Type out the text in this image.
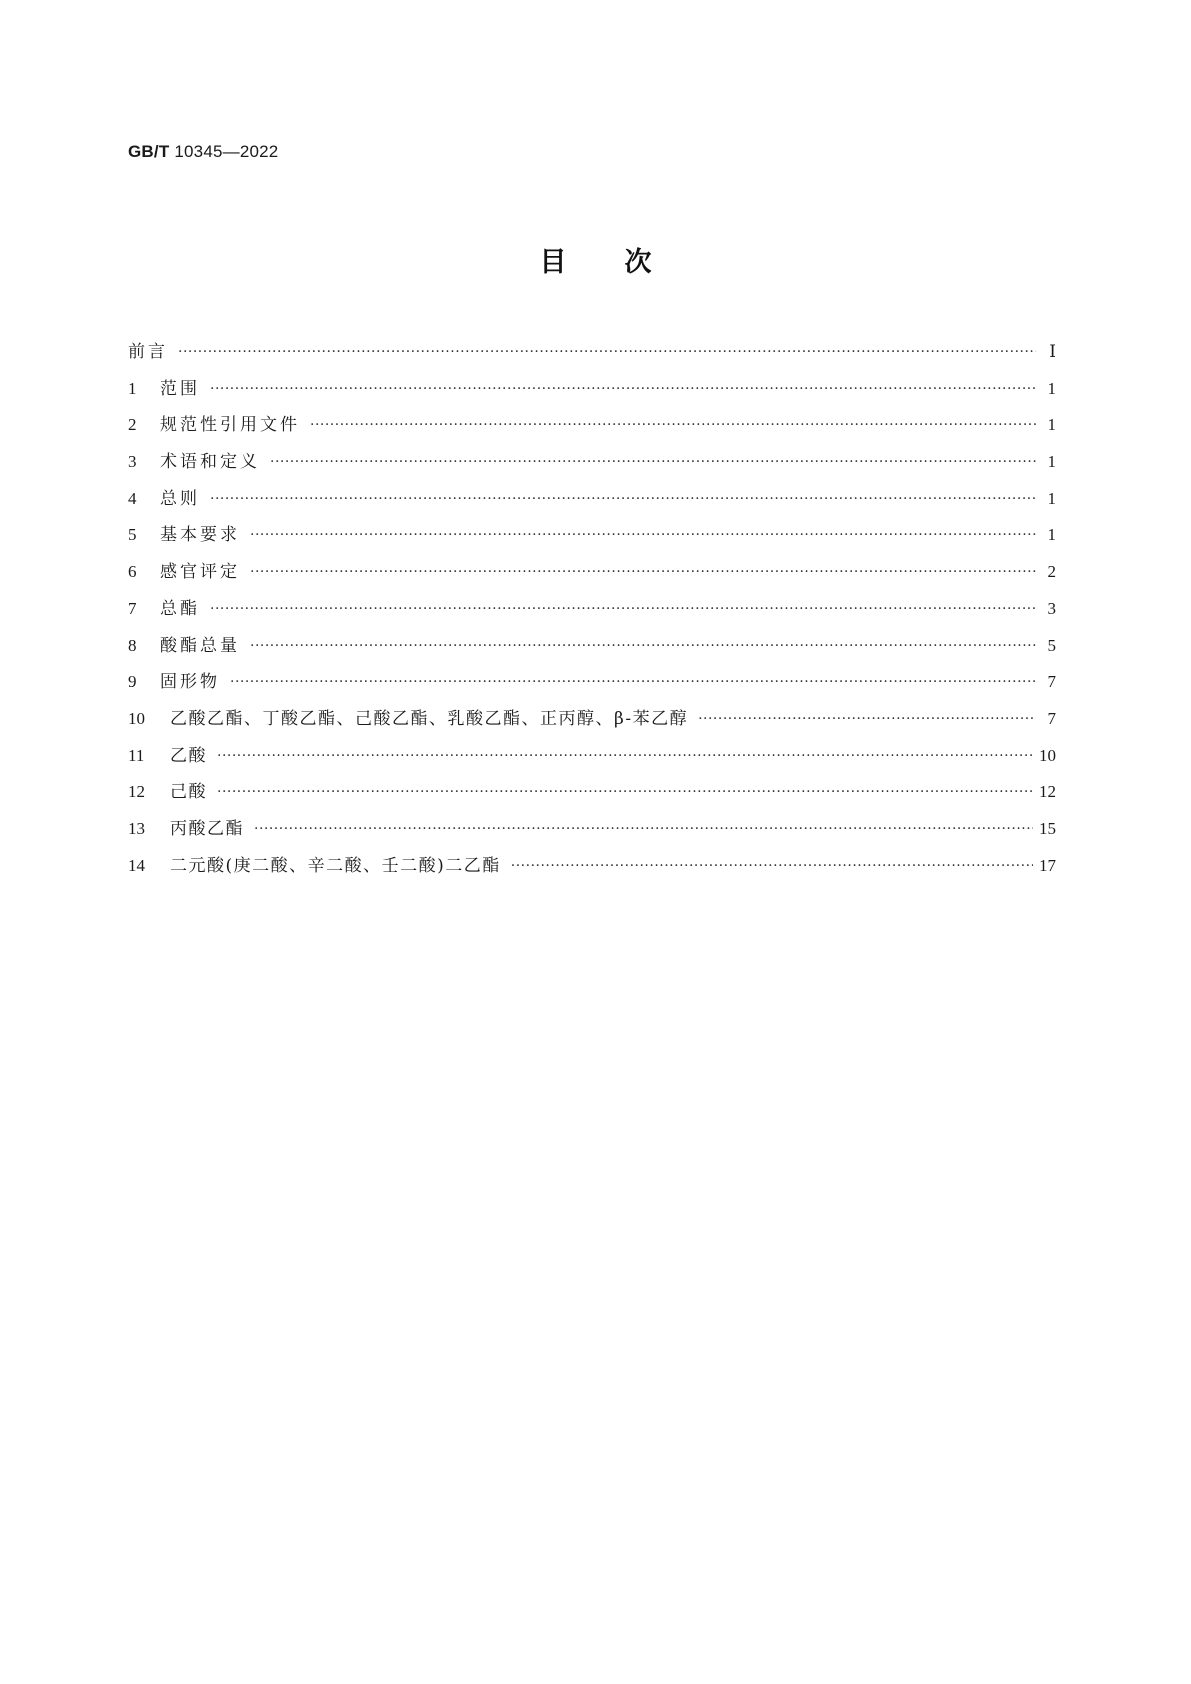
GB/T 10345—2022
目 次
前言 ·····	Ⅰ
1	范围 ·····	1
2	规范性引用文件 ·····	1
3	术语和定义 ·····	1
4	总则 ·····	1
5	基本要求 ·····	1
6	感官评定 ·····	2
7	总酯 ·····	3
8	酸酯总量 ·····	5
9	固形物 ·····	7
10	乙酸乙酯、丁酸乙酯、己酸乙酯、乳酸乙酯、正丙醇、β-苯乙醇 ·····	7
11	乙酸 ·····	10
12	己酸 ·····	12
13	丙酸乙酯 ·····	15
14	二元酸(庚二酸、辛二酸、壬二酸)二乙酯 ·····	17
